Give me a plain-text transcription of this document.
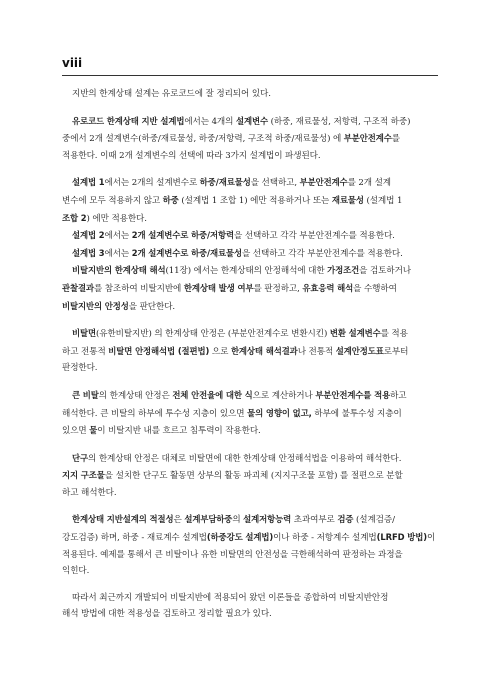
viii
지반의 한계상태 설계는 유로코드에 잘 정리되어 있다.
유로코드 한계상태 지반 설계법에서는 4개의 설계변수 (하중, 재료물성, 저항력, 구조적 하중)
중에서 2개 설계변수(하중/재료물성, 하중/저항력, 구조적 하중/재료물성) 에 부분안전계수를
적용한다. 이때 2개 설계변수의 선택에 따라 3가지 설계법이 파생된다.
설계법 1에서는 2개의 설계변수로 하중/재료물성을 선택하고, 부분안전계수를 2개 설계
변수에 모두 적용하지 않고 하중 (설계법 1 조합 1) 에만 적용하거나 또는 재료물성 (설계법 1
조합 2) 에만 적용한다.
설계법 2에서는 2개 설계변수로 하중/저항력을 선택하고 각각 부분안전계수를 적용한다.
설계법 3에서는 2개 설계변수로 하중/재료물성을 선택하고 각각 부분안전계수를 적용한다.
비탈지반의 한계상태 해석(11장) 에서는 한계상태의 안정해석에 대한 가정조건을 검토하거나
관찰결과를 참조하여 비탈지반에 한계상태 발생 여부를 판정하고, 유효응력 해석을 수행하여
비탈지반의 안정성을 판단한다.
비탈면(유한비탈지반) 의 한계상태 안정은 (부분안전계수로 변환시킨) 변환 설계변수를 적용
하고 전통적 비탈면 안정해석법 (절편법) 으로 한계상태 해석결과나 전통적 설계안정도표로부터
판정한다.
큰 비탈의 한계상태 안정은 전체 안전율에 대한 식으로 계산하거나 부분안전계수를 적용하고
해석한다. 큰 비탈의 하부에 투수성 지층이 있으면 물의 영향이 없고, 하부에 불투수성 지층이
있으면 물이 비탈지반 내를 흐르고 침투력이 작용한다.
단구의 한계상태 안정은 대체로 비탈면에 대한 한계상태 안정해석법을 이용하여 해석한다.
지지 구조물을 설치한 단구도 활동면 상부의 활동 파괴체 (지지구조물 포함) 를 절편으로 분할
하고 해석한다.
한계상태 지반설계의 적절성은 설계부담하중의 설계저항능력 초과여부로 검증 (설계검증/
강도검증) 하며, 하중 - 재료계수 설계법(하중강도 설계법)이나 하중 - 저항계수 설계법(LRFD 방법)이
적용된다. 예제를 통해서 큰 비탈이나 유한 비탈면의 안전성을 극한해석하여 판정하는 과정을
익힌다.
따라서 최근까지 개발되어 비탈지반에 적용되어 왔던 이론들을 종합하여 비탈지반안정
해석 방법에 대한 적용성을 검토하고 정리할 필요가 있다.
